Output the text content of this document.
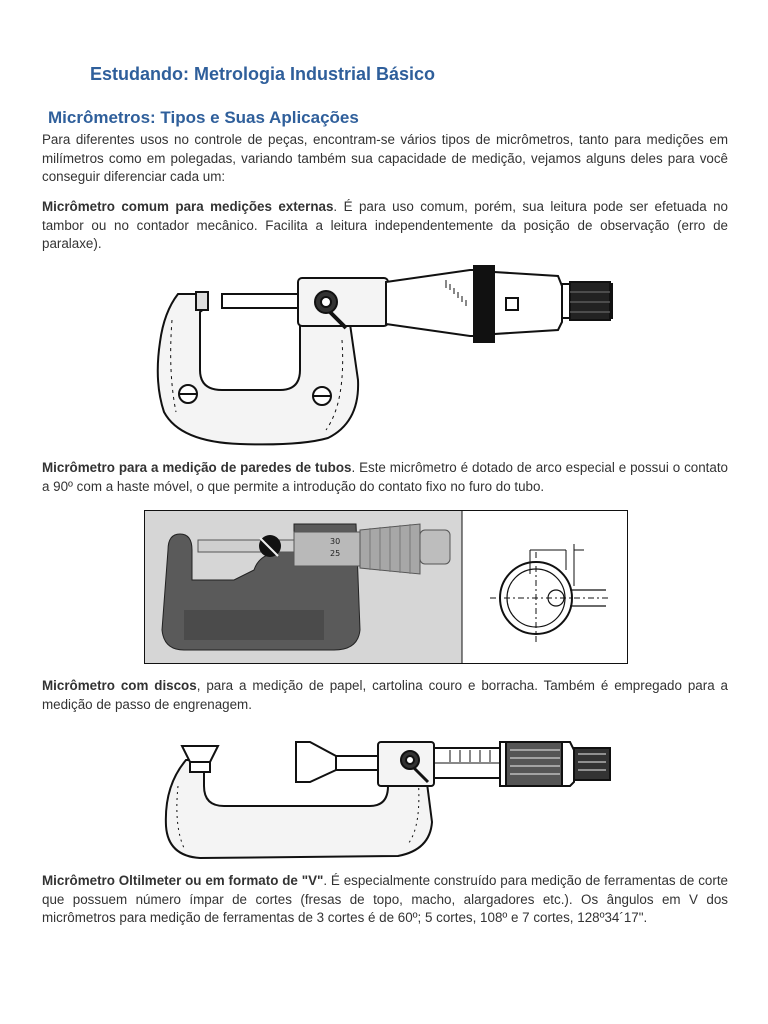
Estudando: Metrologia Industrial Básico
Micrômetros: Tipos e Suas Aplicações
Para diferentes usos no controle de peças, encontram-se vários tipos de micrômetros, tanto para medições em milímetros como em polegadas, variando também sua capacidade de medição, vejamos alguns deles para você conseguir diferenciar cada um:
Micrômetro comum para medições externas. É para uso comum, porém, sua leitura pode ser efetuada no tambor ou no contador mecânico. Facilita a leitura independentemente da posição de observação (erro de paralaxe).
Micrômetro para a medição de paredes de tubos. Este micrômetro é dotado de arco especial e possui o contato a 90º com a haste móvel, o que permite a introdução do contato fixo no furo do tubo.
30
25
Micrômetro com discos, para a medição de papel, cartolina couro e borracha. Também é empregado para a medição de passo de engrenagem.
Micrômetro Oltilmeter ou em formato de "V". É especialmente construído para medição de ferramentas de corte que possuem número ímpar de cortes (fresas de topo, macho, alargadores etc.). Os ângulos em V dos micrômetros para medição de ferramentas de 3 cortes é de 60º; 5 cortes, 108º e 7 cortes, 128º34´17".
